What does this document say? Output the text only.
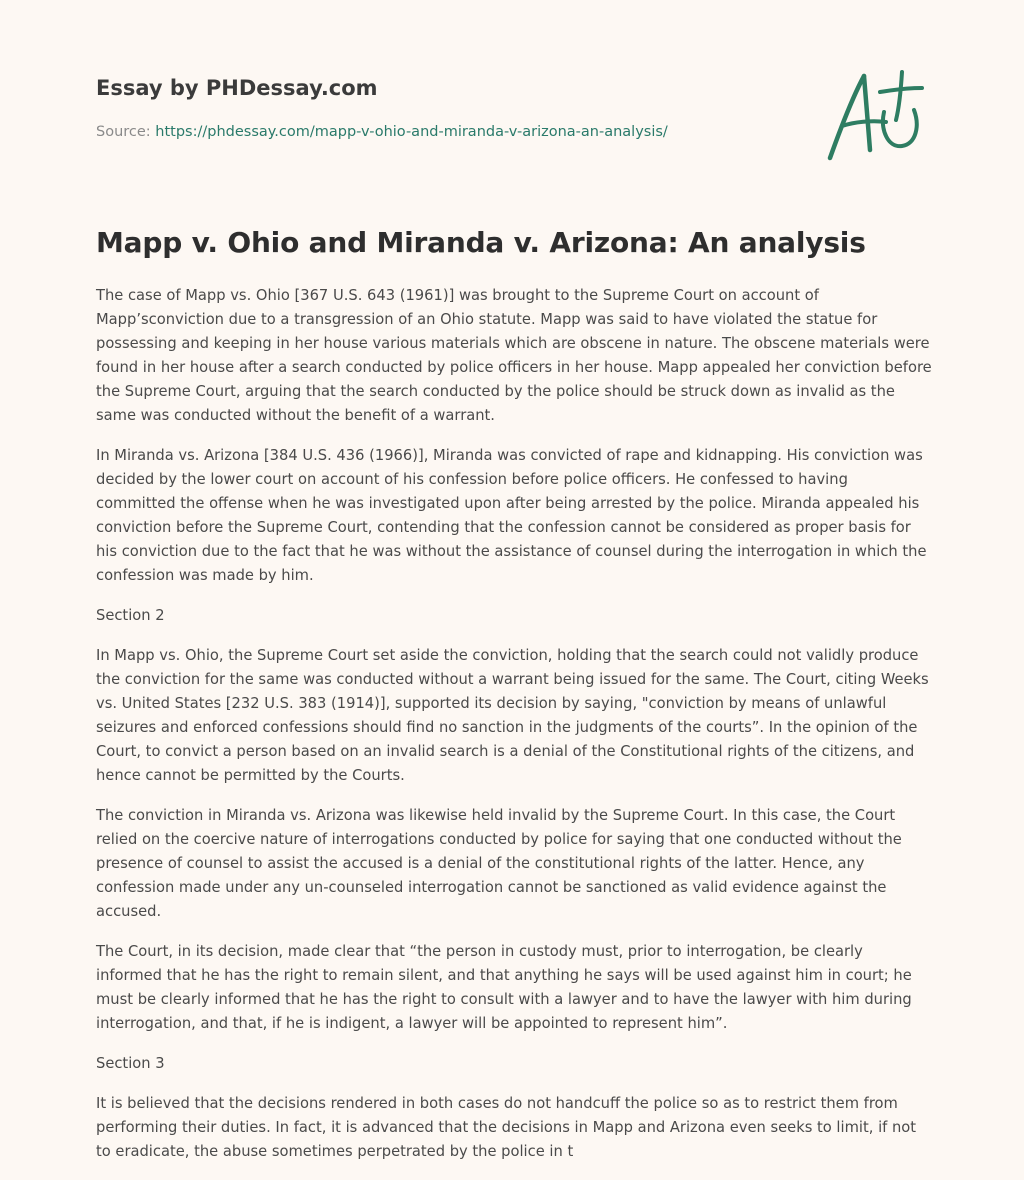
Essay by PHDessay.com
Source: https://phdessay.com/mapp-v-ohio-and-miranda-v-arizona-an-analysis/
Mapp v. Ohio and Miranda v. Arizona: An analysis

The case of Mapp vs. Ohio [367 U.S. 643 (1961)] was brought to the Supreme Court on account of Mapp’sconviction due to a transgression of an Ohio statute. Mapp was said to have violated the statue for possessing and keeping in her house various materials which are obscene in nature. The obscene materials were found in her house after a search conducted by police officers in her house. Mapp appealed her conviction before the Supreme Court, arguing that the search conducted by the police should be struck down as invalid as the same was conducted without the benefit of a warrant.

In Miranda vs. Arizona [384 U.S. 436 (1966)], Miranda was convicted of rape and kidnapping. His conviction was decided by the lower court on account of his confession before police officers. He confessed to having committed the offense when he was investigated upon after being arrested by the police. Miranda appealed his conviction before the Supreme Court, contending that the confession cannot be considered as proper basis for his conviction due to the fact that he was without the assistance of counsel during the interrogation in which the confession was made by him.

Section 2

In Mapp vs. Ohio, the Supreme Court set aside the conviction, holding that the search could not validly produce the conviction for the same was conducted without a warrant being issued for the same. The Court, citing Weeks vs. United States [232 U.S. 383 (1914)], supported its decision by saying, "conviction by means of unlawful seizures and enforced confessions should find no sanction in the judgments of the courts”. In the opinion of the Court, to convict a person based on an invalid search is a denial of the Constitutional rights of the citizens, and hence cannot be permitted by the Courts.

The conviction in Miranda vs. Arizona was likewise held invalid by the Supreme Court. In this case, the Court relied on the coercive nature of interrogations conducted by police for saying that one conducted without the presence of counsel to assist the accused is a denial of the constitutional rights of the latter. Hence, any confession made under any un-counseled interrogation cannot be sanctioned as valid evidence against the accused.

The Court, in its decision, made clear that “the person in custody must, prior to interrogation, be clearly informed that he has the right to remain silent, and that anything he says will be used against him in court; he must be clearly informed that he has the right to consult with a lawyer and to have the lawyer with him during interrogation, and that, if he is indigent, a lawyer will be appointed to represent him”.

Section 3

It is believed that the decisions rendered in both cases do not handcuff the police so as to restrict them from performing their duties. In fact, it is advanced that the decisions in Mapp and Arizona even seeks to limit, if not to eradicate, the abuse sometimes perpetrated by the police in t
